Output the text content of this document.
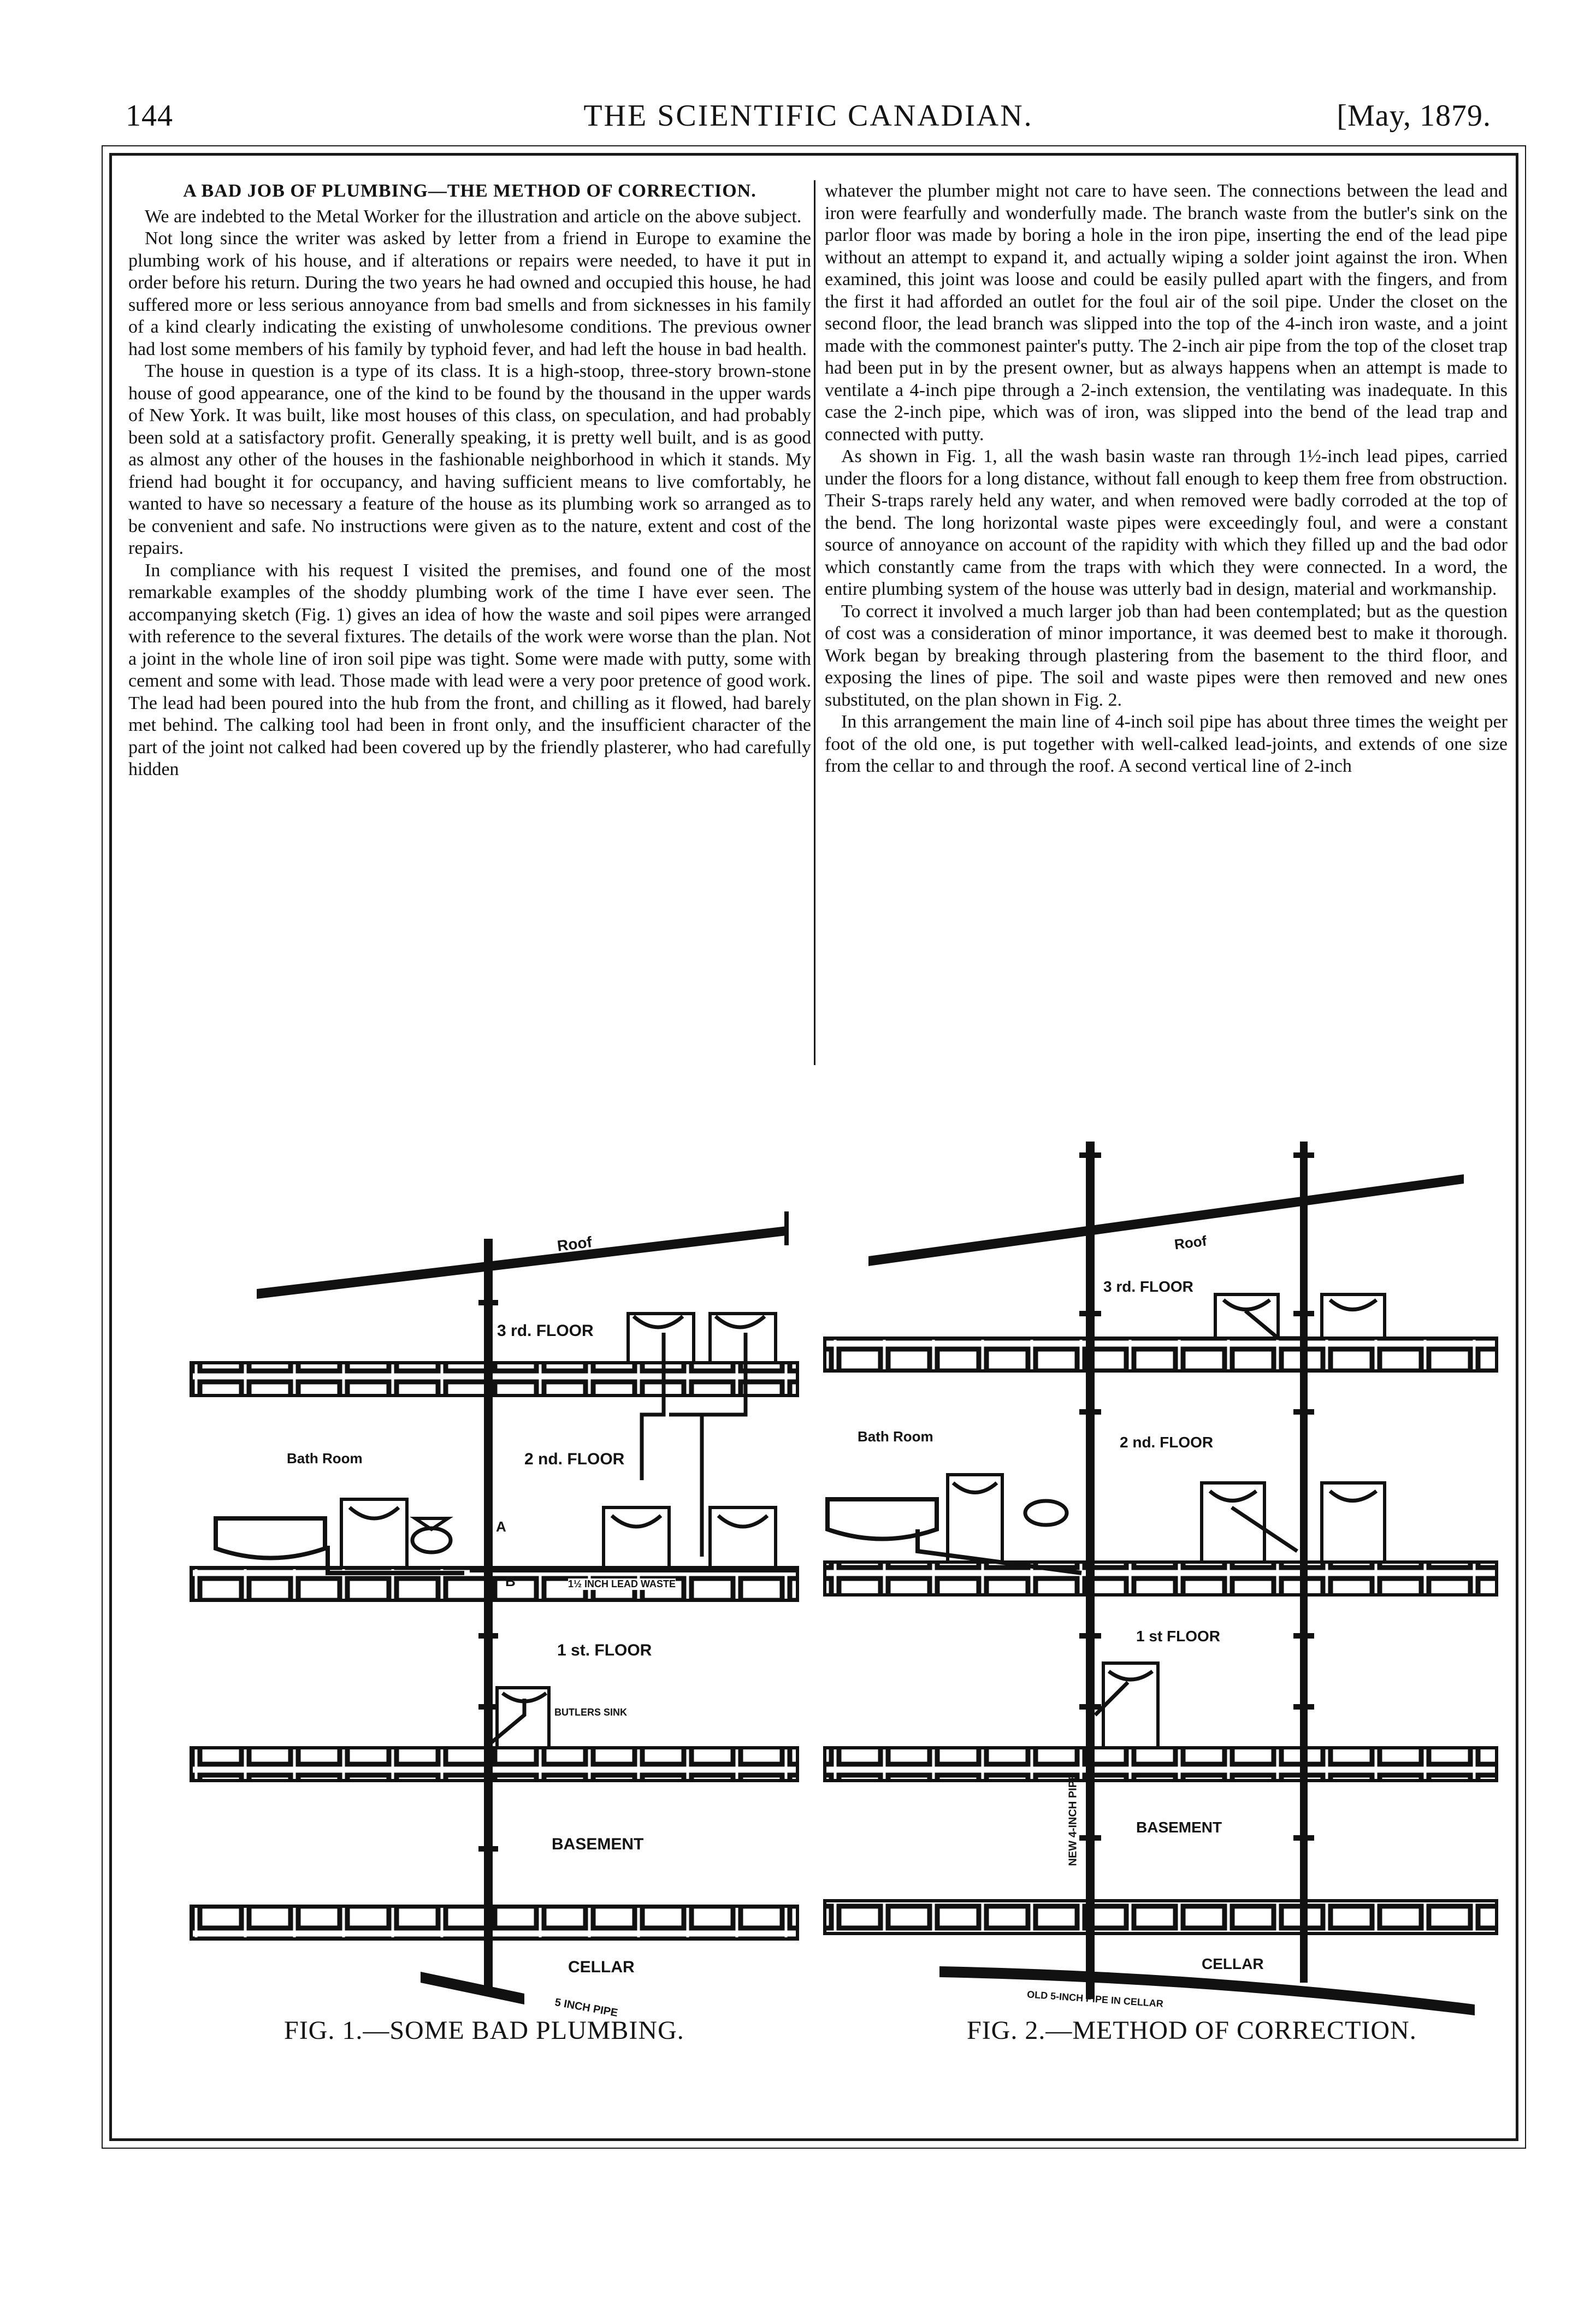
144	THE SCIENTIFIC CANADIAN.	[May, 1879.
A BAD JOB OF PLUMBING—THE METHOD OF CORRECTION.

We are indebted to the Metal Worker for the illustration and article on the above subject.

Not long since the writer was asked by letter from a friend in Europe to examine the plumbing work of his house, and if alterations or repairs were needed, to have it put in order before his return. During the two years he had owned and occupied this house, he had suffered more or less serious annoyance from bad smells and from sicknesses in his family of a kind clearly indicating the existing of unwholesome conditions. The previous owner had lost some members of his family by typhoid fever, and had left the house in bad health.

The house in question is a type of its class. It is a high-stoop, three-story brown-stone house of good appearance, one of the kind to be found by the thousand in the upper wards of New York. It was built, like most houses of this class, on speculation, and had probably been sold at a satisfactory profit. Generally speaking, it is pretty well built, and is as good as almost any other of the houses in the fashionable neighborhood in which it stands. My friend had bought it for occupancy, and having sufficient means to live comfortably, he wanted to have so necessary a feature of the house as its plumbing work so arranged as to be convenient and safe. No instructions were given as to the nature, extent and cost of the repairs.

In compliance with his request I visited the premises, and found one of the most remarkable examples of the shoddy plumbing work of the time I have ever seen. The accompanying sketch (Fig. 1) gives an idea of how the waste and soil pipes were arranged with reference to the several fixtures. The details of the work were worse than the plan. Not a joint in the whole line of iron soil pipe was tight. Some were made with putty, some with cement and some with lead. Those made with lead were a very poor pretence of good work. The lead had been poured into the hub from the front, and chilling as it flowed, had barely met behind. The calking tool had been in front only, and the insufficient character of the part of the joint not calked had been covered up by the friendly plasterer, who had carefully hidden

whatever the plumber might not care to have seen. The connections between the lead and iron were fearfully and wonderfully made. The branch waste from the butler's sink on the parlor floor was made by boring a hole in the iron pipe, inserting the end of the lead pipe without an attempt to expand it, and actually wiping a solder joint against the iron. When examined, this joint was loose and could be easily pulled apart with the fingers, and from the first it had afforded an outlet for the foul air of the soil pipe. Under the closet on the second floor, the lead branch was slipped into the top of the 4-inch iron waste, and a joint made with the commonest painter's putty. The 2-inch air pipe from the top of the closet trap had been put in by the present owner, but as always happens when an attempt is made to ventilate a 4-inch pipe through a 2-inch extension, the ventilating was inadequate. In this case the 2-inch pipe, which was of iron, was slipped into the bend of the lead trap and connected with putty.

As shown in Fig. 1, all the wash basin waste ran through 1½-inch lead pipes, carried under the floors for a long distance, without fall enough to keep them free from obstruction. Their S-traps rarely held any water, and when removed were badly corroded at the top of the bend. The long horizontal waste pipes were exceedingly foul, and were a constant source of annoyance on account of the rapidity with which they filled up and the bad odor which constantly came from the traps with which they were connected. In a word, the entire plumbing system of the house was utterly bad in design, material and workmanship.

To correct it involved a much larger job than had been contemplated; but as the question of cost was a consideration of minor importance, it was deemed best to make it thorough. Work began by breaking through plastering from the basement to the third floor, and exposing the lines of pipe. The soil and waste pipes were then removed and new ones substituted, on the plan shown in Fig. 2.

In this arrangement the main line of 4-inch soil pipe has about three times the weight per foot of the old one, is put together with well-calked lead-joints, and extends of one size from the cellar to and through the roof. A second vertical line of 2-inch

Roof
3 rd. FLOOR
Bath Room	2 nd. FLOOR
A
B	1½ INCH LEAD WASTE
1 st. FLOOR
BUTLERS SINK
BASEMENT
CELLAR
5 INCH PIPE
Roof
3 rd. FLOOR
Bath Room	2 nd. FLOOR
1 st FLOOR
NEW 4-INCH PIPE	BASEMENT
CELLAR
OLD 5-INCH PIPE IN CELLAR
FIG. 1.—SOME BAD PLUMBING.	FIG. 2.—METHOD OF CORRECTION.
